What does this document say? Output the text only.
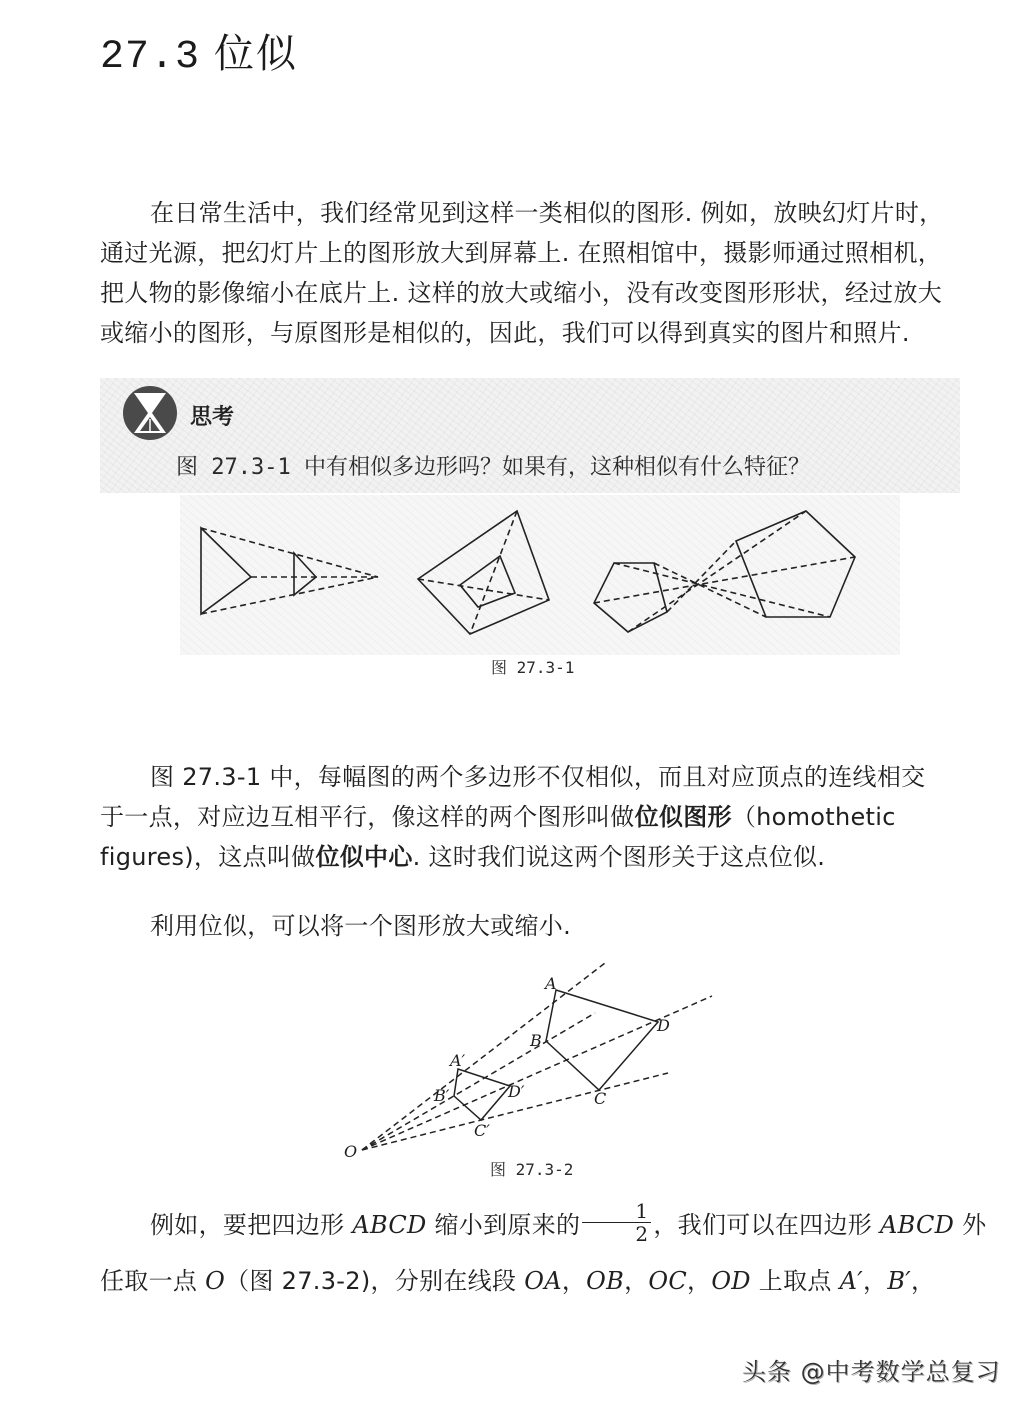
27.3 位似
在日常生活中，我们经常见到这样一类相似的图形. 例如，放映幻灯片时，
通过光源，把幻灯片上的图形放大到屏幕上. 在照相馆中，摄影师通过照相机，
把人物的影像缩小在底片上. 这样的放大或缩小，没有改变图形形状，经过放大
或缩小的图形，与原图形是相似的，因此，我们可以得到真实的图片和照片.
思考
图 27.3-1 中有相似多边形吗？如果有，这种相似有什么特征？
图 27.3-1
图 27.3-1 中，每幅图的两个多边形不仅相似，而且对应顶点的连线相交
于一点，对应边互相平行，像这样的两个图形叫做位似图形（homothetic
figures)，这点叫做位似中心. 这时我们说这两个图形关于这点位似.
利用位似，可以将一个图形放大或缩小.
A
B
C
D
A′
B′
C′
D′
O
图 27.3-2
例如，要把四边形 ABCD 缩小到原来的 $\frac{1}{2}$ ，我们可以在四边形 ABCD 外
任取一点 O（图 27.3-2)，分别在线段 OA，OB，OC，OD 上取点 A′，B′，
头条 @中考数学总复习
